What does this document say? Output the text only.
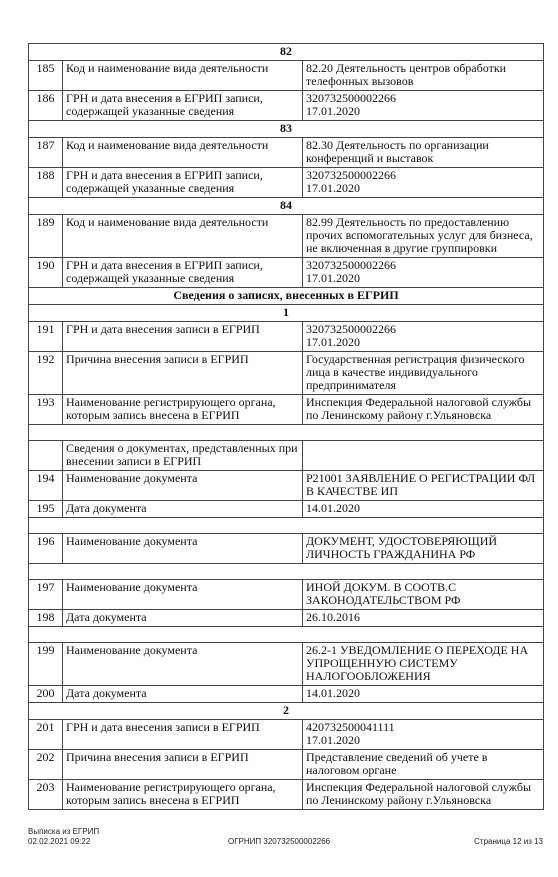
82		
185	Код и наименование вида деятельности	82.20 Деятельность центров обработки телефонных вызовов
186	ГРН и дата внесения в ЕГРИП записи, содержащей указанные сведения	320732500002266
17.01.2020
83		
187	Код и наименование вида деятельности	82.30 Деятельность по организации конференций и выставок
188	ГРН и дата внесения в ЕГРИП записи, содержащей указанные сведения	320732500002266
17.01.2020
84		
189	Код и наименование вида деятельности	82.99 Деятельность по предоставлению прочих вспомогательных услуг для бизнеса, не включенная в другие группировки
190	ГРН и дата внесения в ЕГРИП записи, содержащей указанные сведения	320732500002266
17.01.2020
Сведения о записях, внесенных в ЕГРИП		
1		
191	ГРН и дата внесения записи в ЕГРИП	320732500002266
17.01.2020
192	Причина внесения записи в ЕГРИП	Государственная регистрация физического лица в качестве индивидуального предпринимателя
193	Наименование регистрирующего органа, которым запись внесена в ЕГРИП	Инспекция Федеральной налоговой службы по Ленинскому району г.Ульяновска

	Сведения о документах, представленных при внесении записи в ЕГРИП	
194	Наименование документа	Р21001 ЗАЯВЛЕНИЕ О РЕГИСТРАЦИИ ФЛ В КАЧЕСТВЕ ИП
195	Дата документа	14.01.2020

196	Наименование документа	ДОКУМЕНТ, УДОСТОВЕРЯЮЩИЙ ЛИЧНОСТЬ ГРАЖДАНИНА РФ

197	Наименование документа	ИНОЙ ДОКУМ. В СООТВ.С ЗАКОНОДАТЕЛЬСТВОМ РФ
198	Дата документа	26.10.2016

199	Наименование документа	26.2-1 УВЕДОМЛЕНИЕ О ПЕРЕХОДЕ НА УПРОЩЕННУЮ СИСТЕМУ НАЛОГООБЛОЖЕНИЯ
200	Дата документа	14.01.2020
2		
201	ГРН и дата внесения записи в ЕГРИП	420732500041111
17.01.2020
202	Причина внесения записи в ЕГРИП	Представление сведений об учете в налоговом органе
203	Наименование регистрирующего органа, которым запись внесена в ЕГРИП	Инспекция Федеральной налоговой службы по Ленинскому району г.Ульяновска
Выписка из ЕГРИП
02.02.2021 09:22	ОГРНИП 320732500002266	Страница 12 из 13
